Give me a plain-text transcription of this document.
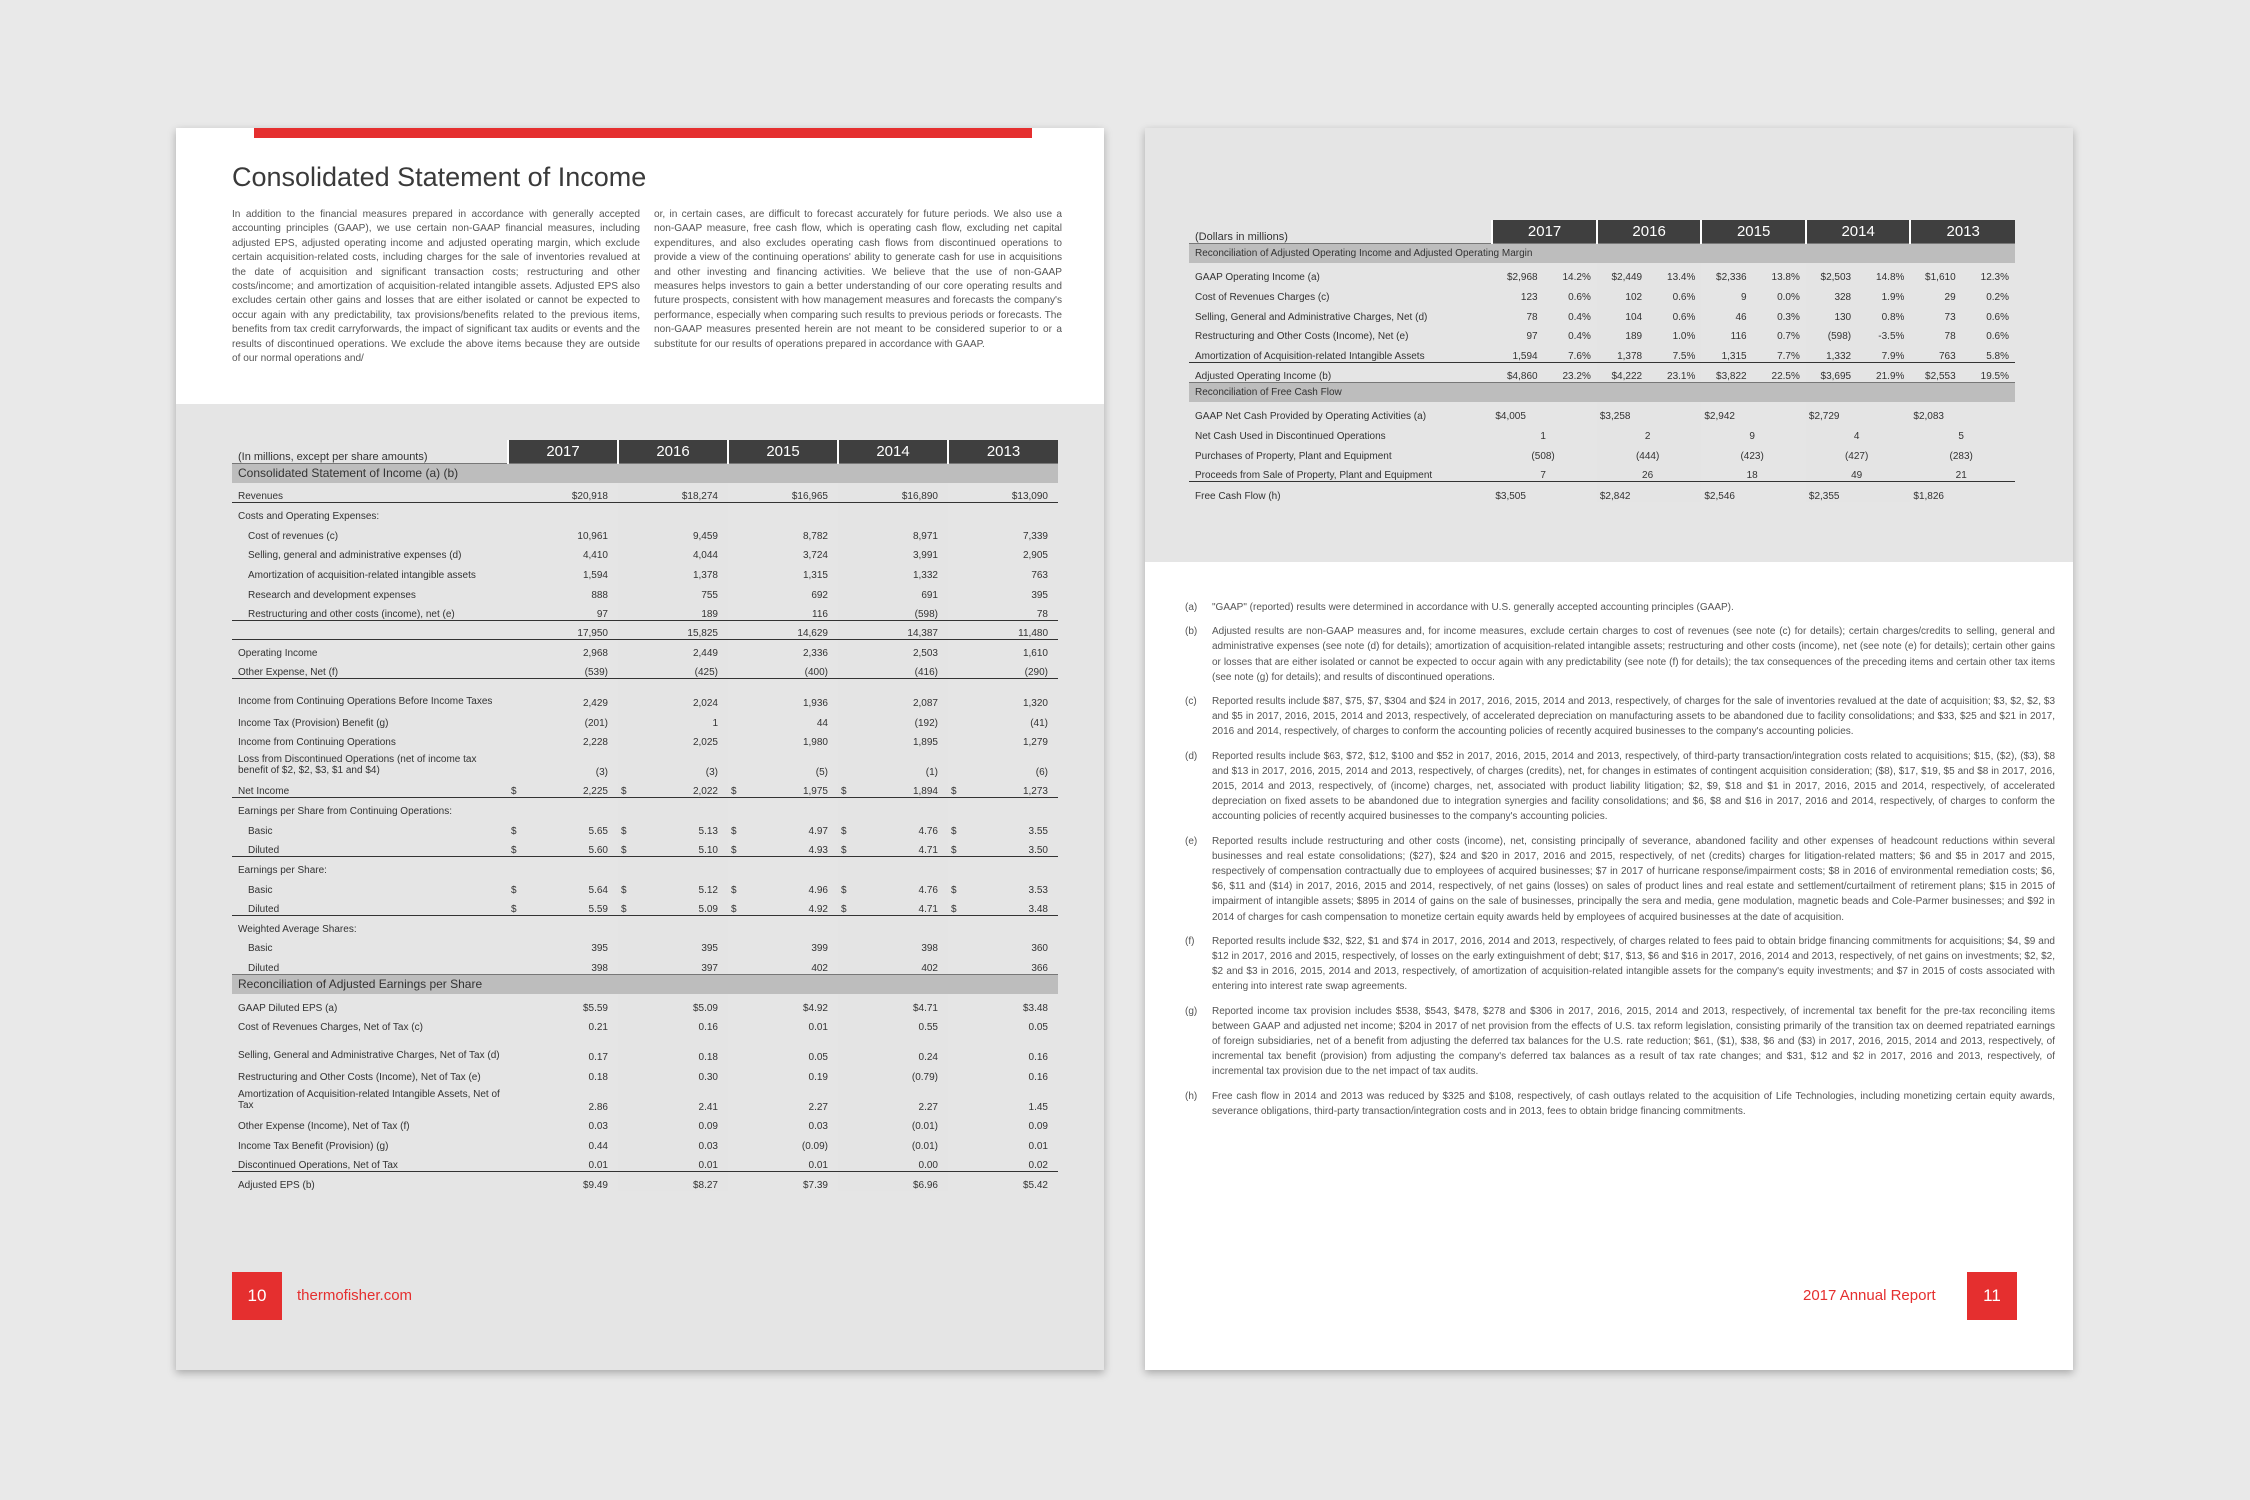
Consolidated Statement of Income
In addition to the financial measures prepared in accordance with generally accepted accounting principles (GAAP), we use certain non-GAAP financial measures, including adjusted EPS, adjusted operating income and adjusted operating margin, which exclude certain acquisition-related costs, including charges for the sale of inventories revalued at the date of acquisition and significant transaction costs; restructuring and other costs/income; and amortization of acquisition-related intangible assets. Adjusted EPS also excludes certain other gains and losses that are either isolated or cannot be expected to occur again with any predictability, tax provisions/benefits related to the previous items, benefits from tax credit carryforwards, the impact of significant tax audits or events and the results of discontinued operations. We exclude the above items because they are outside of our normal operations and/
or, in certain cases, are difficult to forecast accurately for future periods. We also use a non-GAAP measure, free cash flow, which is operating cash flow, excluding net capital expenditures, and also excludes operating cash flows from discontinued operations to provide a view of the continuing operations' ability to generate cash for use in acquisitions and other investing and financing activities. We believe that the use of non-GAAP measures helps investors to gain a better understanding of our core operating results and future prospects, consistent with how management measures and forecasts the company's performance, especially when comparing such results to previous periods or forecasts. The non-GAAP measures presented herein are not meant to be considered superior to or a substitute for our results of operations prepared in accordance with GAAP.
(In millions, except per share amounts)	2017	2016	2015	2014	2013
Consolidated Statement of Income (a) (b)					
Revenues	$20,918	$18,274	$16,965	$16,890	$13,090
Costs and Operating Expenses:					
Cost of revenues (c)	10,961	9,459	8,782	8,971	7,339
Selling, general and administrative expenses (d)	4,410	4,044	3,724	3,991	2,905
Amortization of acquisition-related intangible assets	1,594	1,378	1,315	1,332	763
Research and development expenses	888	755	692	691	395
Restructuring and other costs (income), net (e)	97	189	116	(598)	78
	17,950	15,825	14,629	14,387	11,480
Operating Income	2,968	2,449	2,336	2,503	1,610
Other Expense, Net (f)	(539)	(425)	(400)	(416)	(290)
Income from Continuing Operations Before Income Taxes	2,429	2,024	1,936	2,087	1,320
Income Tax (Provision) Benefit (g)	(201)	1	44	(192)	(41)
Income from Continuing Operations	2,228	2,025	1,980	1,895	1,279
Loss from Discontinued Operations (net of income tax benefit of $2, $2, $3, $1 and $4)	(3)	(3)	(5)	(1)	(6)
Net Income	$ 2,225	$ 2,022	$ 1,975	$ 1,894	$ 1,273

Earnings per Share from Continuing Operations:					
Basic	$ 5.65	$ 5.13	$ 4.97	$ 4.76	$ 3.55

Diluted	$ 5.60	$ 5.10	$ 4.93	$ 4.71	$ 3.50

Earnings per Share:					
Basic	$ 5.64	$ 5.12	$ 4.96	$ 4.76	$ 3.53

Diluted	$ 5.59	$ 5.09	$ 4.92	$ 4.71	$ 3.48

Weighted Average Shares:					
Basic	395	395	399	398	360
Diluted	398	397	402	402	366
Reconciliation of Adjusted Earnings per Share					
GAAP Diluted EPS (a)	$5.59	$5.09	$4.92	$4.71	$3.48
Cost of Revenues Charges, Net of Tax (c)	0.21	0.16	0.01	0.55	0.05
Selling, General and Administrative Charges, Net of Tax (d)	0.17	0.18	0.05	0.24	0.16
Restructuring and Other Costs (Income), Net of Tax (e)	0.18	0.30	0.19	(0.79)	0.16
Amortization of Acquisition-related Intangible Assets, Net of Tax	2.86	2.41	2.27	2.27	1.45
Other Expense (Income), Net of Tax (f)	0.03	0.09	0.03	(0.01)	0.09
Income Tax Benefit (Provision) (g)	0.44	0.03	(0.09)	(0.01)	0.01
Discontinued Operations, Net of Tax	0.01	0.01	0.01	0.00	0.02
Adjusted EPS (b)	$9.49	$8.27	$7.39	$6.96	$5.42
10	thermofisher.com
(Dollars in millions)	2017		2016		2015		2014		2013	
Reconciliation of Adjusted Operating Income and Adjusted Operating Margin										
GAAP Operating Income (a)	$2,968	14.2%	$2,449	13.4%	$2,336	13.8%	$2,503	14.8%	$1,610	12.3%
Cost of Revenues Charges (c)	123	0.6%	102	0.6%	9	0.0%	328	1.9%	29	0.2%
Selling, General and Administrative Charges, Net (d)	78	0.4%	104	0.6%	46	0.3%	130	0.8%	73	0.6%
Restructuring and Other Costs (Income), Net (e)	97	0.4%	189	1.0%	116	0.7%	(598)	-3.5%	78	0.6%
Amortization of Acquisition-related Intangible Assets	1,594	7.6%	1,378	7.5%	1,315	7.7%	1,332	7.9%	763	5.8%
Adjusted Operating Income (b)	$4,860	23.2%	$4,222	23.1%	$3,822	22.5%	$3,695	21.9%	$2,553	19.5%
Reconciliation of Free Cash Flow										
GAAP Net Cash Provided by Operating Activities (a)	$4,005		$3,258		$2,942		$2,729		$2,083	
Net Cash Used in Discontinued Operations	1		2		9		4		5	
Purchases of Property, Plant and Equipment	(508)		(444)		(423)		(427)		(283)	
Proceeds from Sale of Property, Plant and Equipment	7		26		18		49		21	
Free Cash Flow (h)	$3,505		$2,842		$2,546		$2,355		$1,826	
(a)	"GAAP" (reported) results were determined in accordance with U.S. generally accepted accounting principles (GAAP).
(b)	Adjusted results are non-GAAP measures and, for income measures, exclude certain charges to cost of revenues (see note (c) for details); certain charges/credits to selling, general and administrative expenses (see note (d) for details); amortization of acquisition-related intangible assets; restructuring and other costs (income), net (see note (e) for details); certain other gains or losses that are either isolated or cannot be expected to occur again with any predictability (see note (f) for details); the tax consequences of the preceding items and certain other tax items (see note (g) for details); and results of discontinued operations.
(c)	Reported results include $87, $75, $7, $304 and $24 in 2017, 2016, 2015, 2014 and 2013, respectively, of charges for the sale of inventories revalued at the date of acquisition; $3, $2, $2, $3 and $5 in 2017, 2016, 2015, 2014 and 2013, respectively, of accelerated depreciation on manufacturing assets to be abandoned due to facility consolidations; and $33, $25 and $21 in 2017, 2016 and 2014, respectively, of charges to conform the accounting policies of recently acquired businesses to the company's accounting policies.
(d)	Reported results include $63, $72, $12, $100 and $52 in 2017, 2016, 2015, 2014 and 2013, respectively, of third-party transaction/integration costs related to acquisitions; $15, ($2), ($3), $8 and $13 in 2017, 2016, 2015, 2014 and 2013, respectively, of charges (credits), net, for changes in estimates of contingent acquisition consideration; ($8), $17, $19, $5 and $8 in 2017, 2016, 2015, 2014 and 2013, respectively, of (income) charges, net, associated with product liability litigation; $2, $9, $18 and $1 in 2017, 2016, 2015 and 2014, respectively, of accelerated depreciation on fixed assets to be abandoned due to integration synergies and facility consolidations; and $6, $8 and $16 in 2017, 2016 and 2014, respectively, of charges to conform the accounting policies of recently acquired businesses to the company's accounting policies.
(e)	Reported results include restructuring and other costs (income), net, consisting principally of severance, abandoned facility and other expenses of headcount reductions within several businesses and real estate consolidations; ($27), $24 and $20 in 2017, 2016 and 2015, respectively, of net (credits) charges for litigation-related matters; $6 and $5 in 2017 and 2015, respectively of compensation contractually due to employees of acquired businesses; $7 in 2017 of hurricane response/impairment costs; $8 in 2016 of environmental remediation costs; $6, $6, $11 and ($14) in 2017, 2016, 2015 and 2014, respectively, of net gains (losses) on sales of product lines and real estate and settlement/curtailment of retirement plans; $15 in 2015 of impairment of intangible assets; $895 in 2014 of gains on the sale of businesses, principally the sera and media, gene modulation, magnetic beads and Cole-Parmer businesses; and $92 in 2014 of charges for cash compensation to monetize certain equity awards held by employees of acquired businesses at the date of acquisition.
(f)	Reported results include $32, $22, $1 and $74 in 2017, 2016, 2014 and 2013, respectively, of charges related to fees paid to obtain bridge financing commitments for acquisitions; $4, $9 and $12 in 2017, 2016 and 2015, respectively, of losses on the early extinguishment of debt; $17, $13, $6 and $16 in 2017, 2016, 2014 and 2013, respectively, of net gains on investments; $2, $2, $2 and $3 in 2016, 2015, 2014 and 2013, respectively, of amortization of acquisition-related intangible assets for the company's equity investments; and $7 in 2015 of costs associated with entering into interest rate swap agreements.
(g)	Reported income tax provision includes $538, $543, $478, $278 and $306 in 2017, 2016, 2015, 2014 and 2013, respectively, of incremental tax benefit for the pre-tax reconciling items between GAAP and adjusted net income; $204 in 2017 of net provision from the effects of U.S. tax reform legislation, consisting primarily of the transition tax on deemed repatriated earnings of foreign subsidiaries, net of a benefit from adjusting the deferred tax balances for the U.S. rate reduction; $61, ($1), $38, $6 and ($3) in 2017, 2016, 2015, 2014 and 2013, respectively, of incremental tax benefit (provision) from adjusting the company's deferred tax balances as a result of tax rate changes; and $31, $12 and $2 in 2017, 2016 and 2013, respectively, of incremental tax provision due to the net impact of tax audits.
(h)	Free cash flow in 2014 and 2013 was reduced by $325 and $108, respectively, of cash outlays related to the acquisition of Life Technologies, including monetizing certain equity awards, severance obligations, third-party transaction/integration costs and in 2013, fees to obtain bridge financing commitments.
2017 Annual Report	11
